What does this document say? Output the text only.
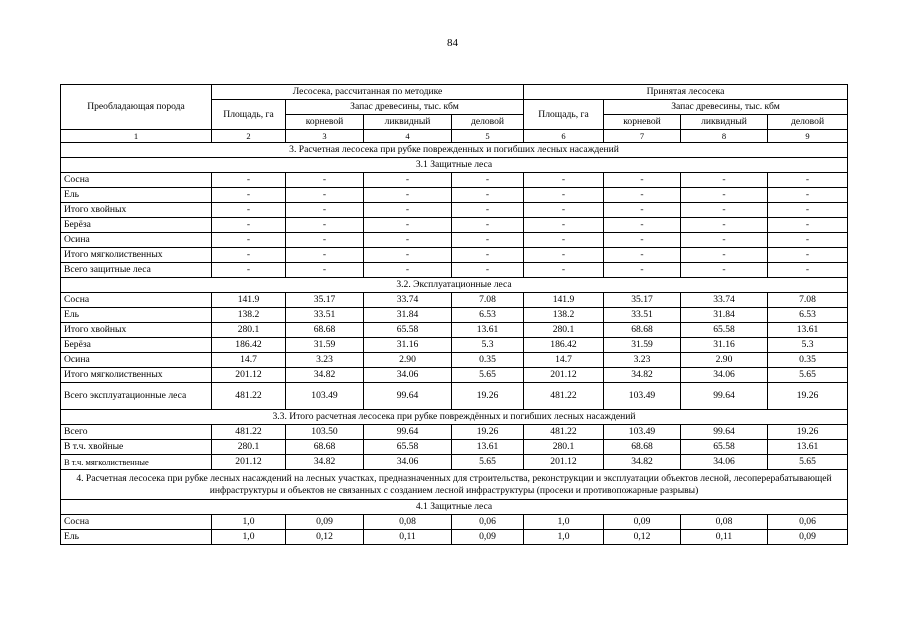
84
Преобладающая порода	Лесосека, рассчитанная по методике				Принятая лесосека			
	Площадь, га	Запас древесины, тыс. кбм			Площадь, га	Запас древесины, тыс. кбм		
		корневой	ликвидный	деловой		корневой	ликвидный	деловой
1	2	3	4	5	6	7	8	9
3. Расчетная лесосека при рубке поврежденных и погибших лесных насаждений								
3.1 Защитные леса								
Сосна	-	-	-	-	-	-	-	-
Ель	-	-	-	-	-	-	-	-
Итого хвойных	-	-	-	-	-	-	-	-
Берёза	-	-	-	-	-	-	-	-
Осина	-	-	-	-	-	-	-	-
Итого мягколиственных	-	-	-	-	-	-	-	-
Всего защитные леса	-	-	-	-	-	-	-	-
3.2. Эксплуатационные леса								
Сосна	141.9	35.17	33.74	7.08	141.9	35.17	33.74	7.08
Ель	138.2	33.51	31.84	6.53	138.2	33.51	31.84	6.53
Итого хвойных	280.1	68.68	65.58	13.61	280.1	68.68	65.58	13.61
Берёза	186.42	31.59	31.16	5.3	186.42	31.59	31.16	5.3
Осина	14.7	3.23	2.90	0.35	14.7	3.23	2.90	0.35
Итого мягколиственных	201.12	34.82	34.06	5.65	201.12	34.82	34.06	5.65
Всего эксплуатационные леса	481.22	103.49	99.64	19.26	481.22	103.49	99.64	19.26
3.3. Итого расчетная лесосека при рубке повреждённых и погибших лесных насаждений								
Всего	481.22	103.50	99.64	19.26	481.22	103.49	99.64	19.26
В т.ч. хвойные	280.1	68.68	65.58	13.61	280.1	68.68	65.58	13.61
В т.ч. мягколиственные	201.12	34.82	34.06	5.65	201.12	34.82	34.06	5.65
4. Расчетная лесосека при рубке лесных насаждений на лесных участках, предназначенных для строительства, реконструкции и эксплуатации объектов лесной, лесоперерабатывающей инфраструктуры и объектов не связанных с созданием лесной инфраструктуры (просеки и противопожарные разрывы)								
4.1 Защитные леса								
Сосна	1,0	0,09	0,08	0,06	1,0	0,09	0,08	0,06
Ель	1,0	0,12	0,11	0,09	1,0	0,12	0,11	0,09
